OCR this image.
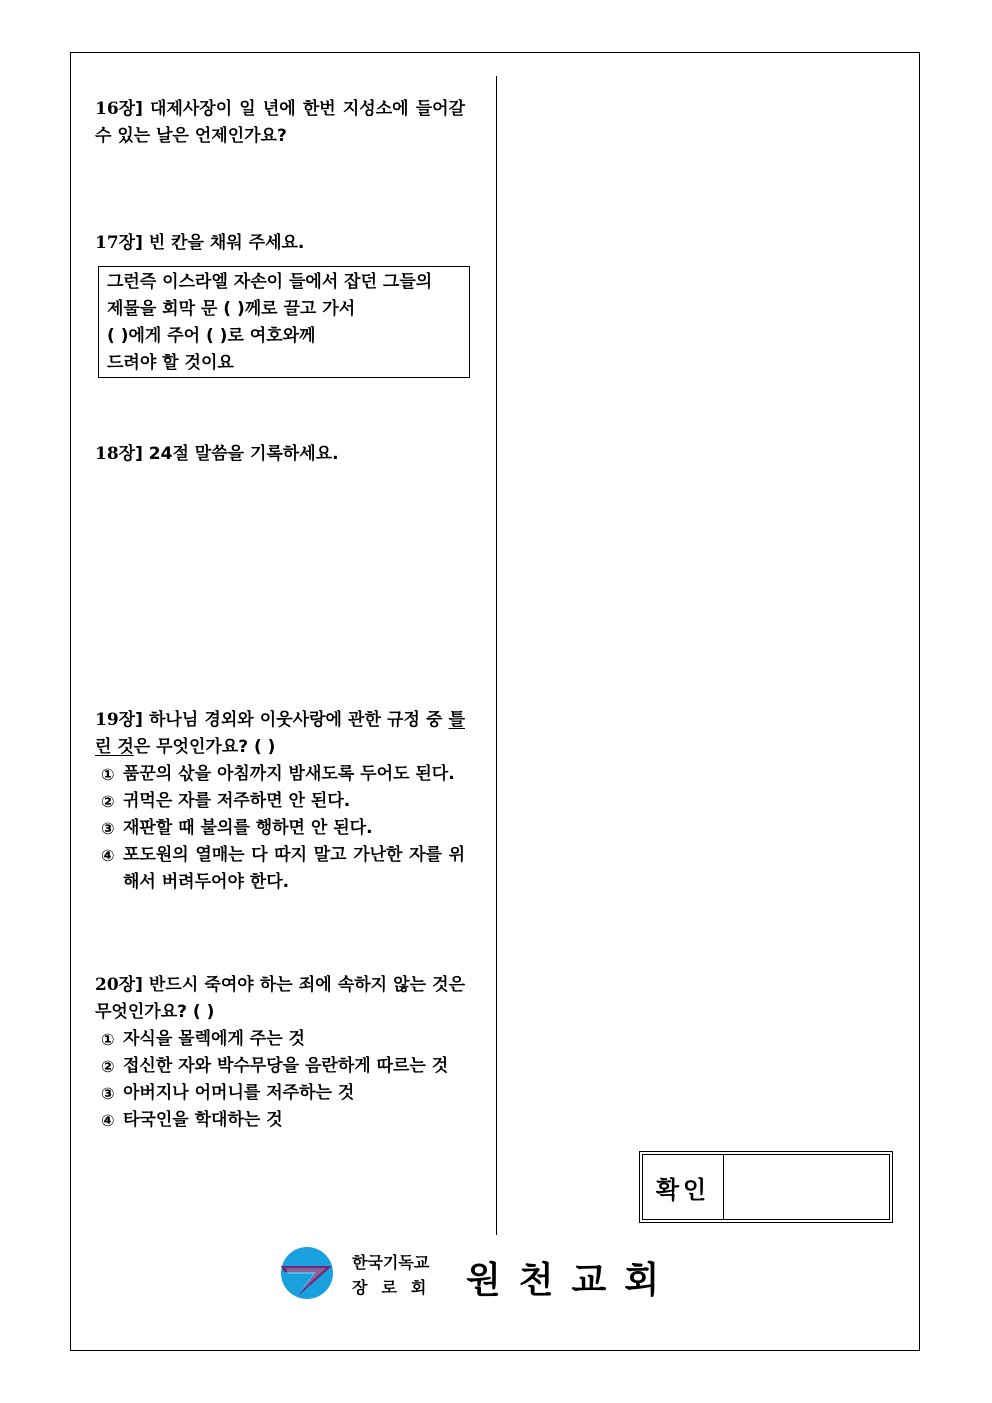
16장] 대제사장이 일 년에 한번 지성소에 들어갈 수 있는 날은 언제인가요?
17장] 빈 칸을 채워 주세요.
그런즉 이스라엘 자손이 들에서 잡던 그들의
제물을 회막 문 ( )께로 끌고 가서
( )에게 주어 ( )로 여호와께
드려야 할 것이요
18장] 24절 말씀을 기록하세요.
19장] 하나님 경외와 이웃사랑에 관한 규정 중 틀린 것은 무엇인가요? ( )
① 품꾼의 삯을 아침까지 밤새도록 두어도 된다.
② 귀먹은 자를 저주하면 안 된다.
③ 재판할 때 불의를 행하면 안 된다.
④ 포도원의 열매는 다 따지 말고 가난한 자를 위해서 버려두어야 한다.
20장] 반드시 죽여야 하는 죄에 속하지 않는 것은 무엇인가요? ( )
① 자식을 몰렉에게 주는 것
② 접신한 자와 박수무당을 음란하게 따르는 것
③ 아버지나 어머니를 저주하는 것
④ 타국인을 학대하는 것
확인
한국기독교
장로회 원천교회
